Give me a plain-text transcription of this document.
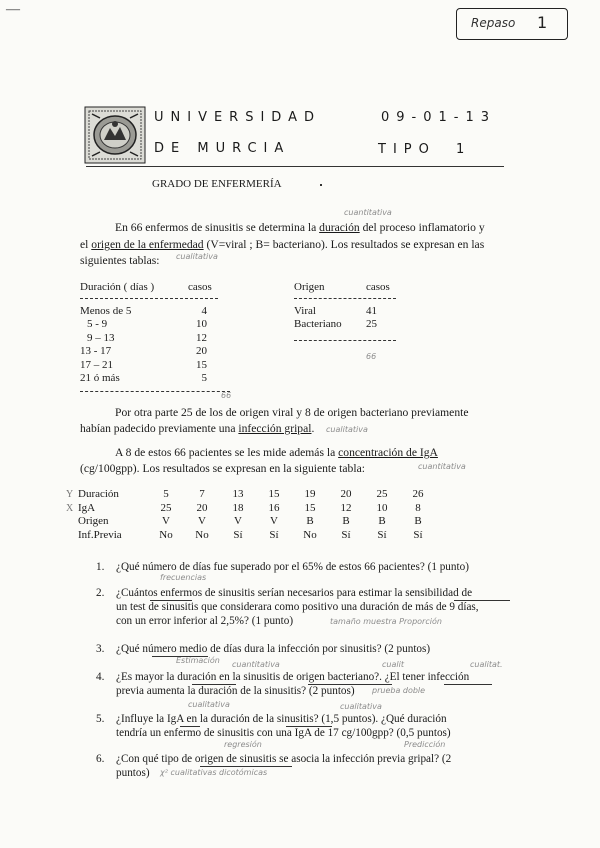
—
Repaso 1
UNIVERSIDAD
DE MURCIA
09-01-13
TIPO 1
GRADO DE ENFERMERÍA
cuantitativa
En 66 enfermos de sinusitis se determina la duración del proceso inflamatorio y
el origen de la enfermedad (V=viral ; B= bacteriano). Los resultados se expresan en las
siguientes tablas: cualitativa
Duración ( días )	casos
Menos de 5	4
5 - 9	10
9 – 13	12
13 - 17	20
17 – 21	15
21 ó más	5
66
Origen	casos
Viral	41
Bacteriano	25
66
Por otra parte 25 de los de origen viral y 8 de origen bacteriano previamente
habían padecido previamente una infección gripal. cualitativa
A 8 de estos 66 pacientes se les mide además la concentración de IgA
(cg/100gpp). Los resultados se expresan en la siguiente tabla:	cuantitativa
Y Duración	5	7	13	15	19	20	25	26
X IgA	25	20	18	16	15	12	10	8
Origen	V	V	V	V	B	B	B	B
Inf.Previa	No	No	Sí	Sí	No	Sí	Sí	Sí
1.	¿Qué número de días fue superado por el 65% de estos 66 pacientes? (1 punto)
frecuencias
2.	¿Cuántos enfermos de sinusitis serían necesarios para estimar la sensibilidad de
un test de sinusitis que considerara como positivo una duración de más de 9 días,
con un error inferior al 2,5%? (1 punto)	tamaño muestra Proporción
3.	¿Qué número medio de días dura la infección por sinusitis? (2 puntos)
Estimación cuantitativa	cualit	cualitat.
4.	¿Es mayor la duración en la sinusitis de origen bacteriano?. ¿El tener infección
previa aumenta la duración de la sinusitis? (2 puntos)	prueba doble
cualitativa	cualitativa
5.	¿Influye la IgA en la duración de la sinusitis? (1,5 puntos). ¿Qué duración
tendría un enfermo de sinusitis con una IgA de 17 cg/100gpp? (0,5 puntos)
regresión	Predicción
6.	¿Con qué tipo de origen de sinusitis se asocia la infección previa gripal? (2
puntos)	χ² cualitativas dicotómicas
